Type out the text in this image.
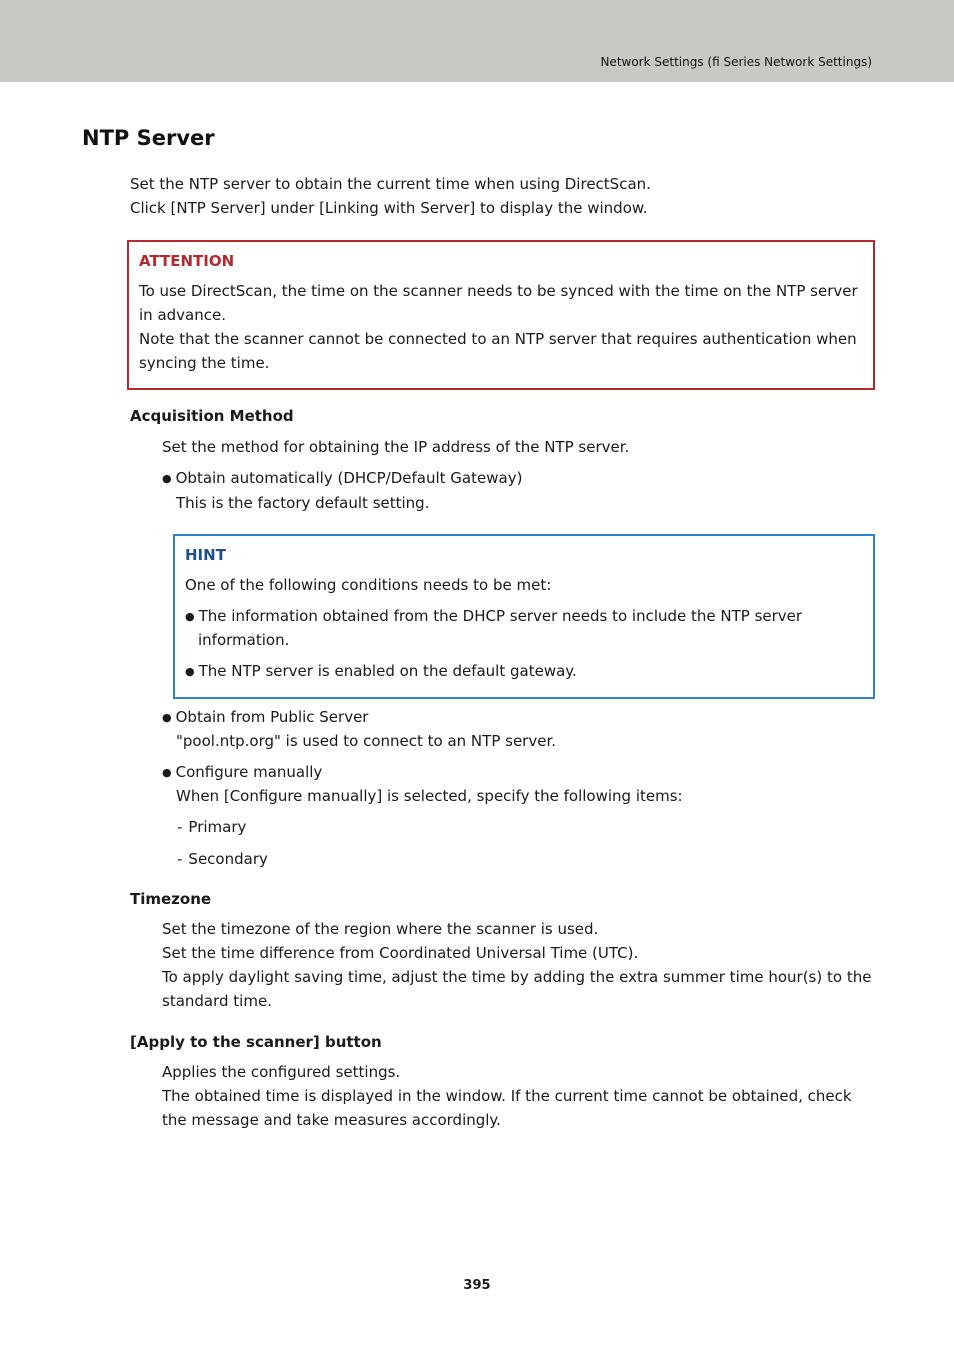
Network Settings (fi Series Network Settings)
NTP Server
Set the NTP server to obtain the current time when using DirectScan.
Click [NTP Server] under [Linking with Server] to display the window.
ATTENTION
To use DirectScan, the time on the scanner needs to be synced with the time on the NTP server
in advance.
Note that the scanner cannot be connected to an NTP server that requires authentication when
syncing the time.
Acquisition Method
Set the method for obtaining the IP address of the NTP server.
● Obtain automatically (DHCP/Default Gateway)
This is the factory default setting.
HINT
One of the following conditions needs to be met:
● The information obtained from the DHCP server needs to include the NTP server
information.
● The NTP server is enabled on the default gateway.
● Obtain from Public Server
"pool.ntp.org" is used to connect to an NTP server.
● Configure manually
When [Configure manually] is selected, specify the following items:
- Primary
- Secondary
Timezone
Set the timezone of the region where the scanner is used.
Set the time difference from Coordinated Universal Time (UTC).
To apply daylight saving time, adjust the time by adding the extra summer time hour(s) to the
standard time.
[Apply to the scanner] button
Applies the configured settings.
The obtained time is displayed in the window. If the current time cannot be obtained, check
the message and take measures accordingly.
395
